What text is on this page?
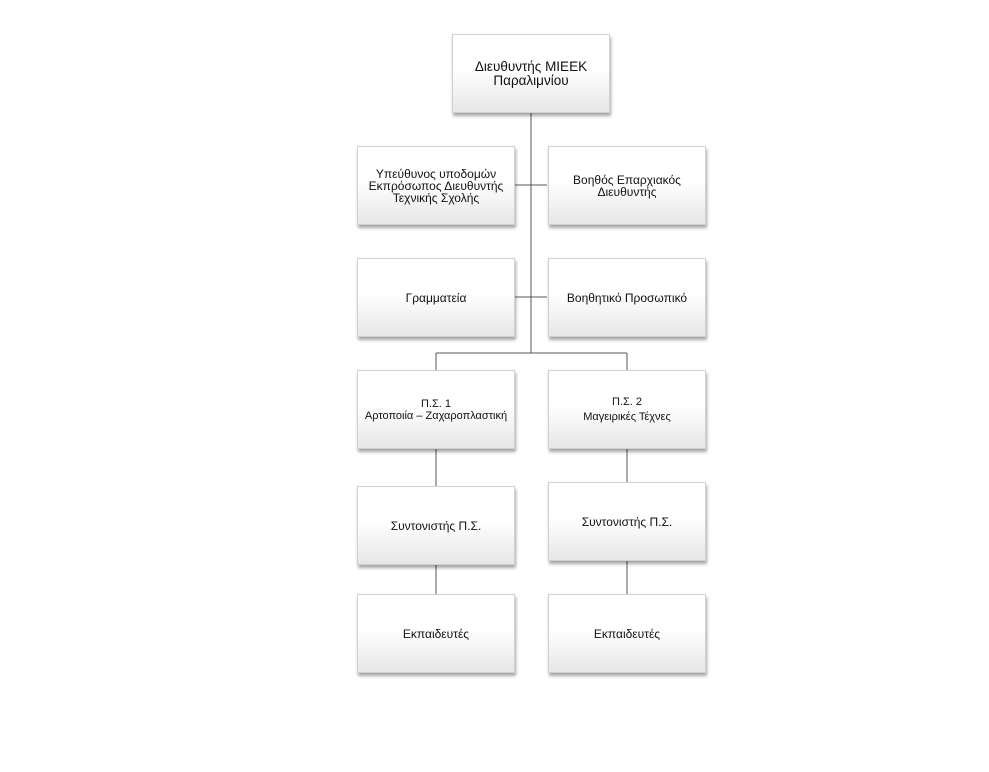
Διευθυντής ΜΙΕΕΚ
Παραλιμνίου
Υπεύθυνος υποδομών
Εκπρόσωπος Διευθυντής
Τεχνικής Σχολής
Βοηθός Επαρχιακός
Διευθυντής
Γραμματεία	Βοηθητικό Προσωπικό
Π.Σ. 1
Αρτοποιία – Ζαχαροπλαστική
Π.Σ. 2
Μαγειρικές Τέχνες
Συντονιστής Π.Σ.	Συντονιστής Π.Σ.
Εκπαιδευτές	Εκπαιδευτές
